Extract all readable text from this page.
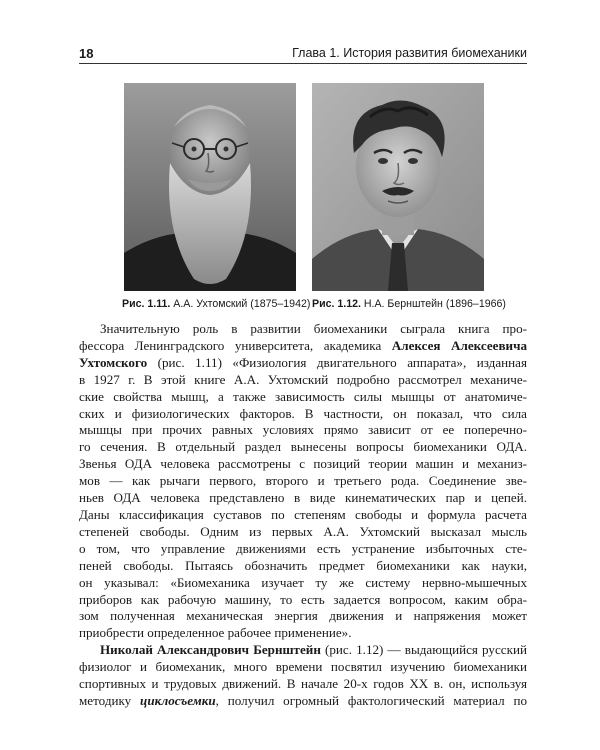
18	Глава 1. История развития биомеханики
Рис. 1.11. А.А. Ухтомский (1875–1942) Рис. 1.12. Н.А. Бернштейн (1896–1966)

Значительную роль в развитии биомеханики сыграла книга про-

фессора Ленинградского университета, академика Алексея Алексеевича

Ухтомского (рис. 1.11) «Физиология двигательного аппарата», изданная

в 1927 г. В этой книге А.А. Ухтомский подробно рассмотрел механиче-

ские свойства мышц, а также зависимость силы мышцы от анатомиче-

ских и физиологических факторов. В частности, он показал, что сила

мышцы при прочих равных условиях прямо зависит от ее поперечно-

го сечения. В отдельный раздел вынесены вопросы биомеханики ОДА.

Звенья ОДА человека рассмотрены с позиций теории машин и механиз-

мов — как рычаги первого, второго и третьего рода. Соединение зве-

ньев ОДА человека представлено в виде кинематических пар и цепей.

Даны классификация суставов по степеням свободы и формула расчета

степеней свободы. Одним из первых А.А. Ухтомский высказал мысль

о том, что управление движениями есть устранение избыточных сте-

пеней свободы. Пытаясь обозначить предмет биомеханики как науки,

он указывал: «Биомеханика изучает ту же систему нервно-мышечных

приборов как рабочую машину, то есть задается вопросом, каким обра-

зом полученная механическая энергия движения и напряжения может

приобрести определенное рабочее применение».

Николай Александрович Бернштейн (рис. 1.12) — выдающийся русский

физиолог и биомеханик, много времени посвятил изучению биомеханики

спортивных и трудовых движений. В начале 20-х годов XX в. он, используя

методику циклосъемки, получил огромный фактологический материал по
